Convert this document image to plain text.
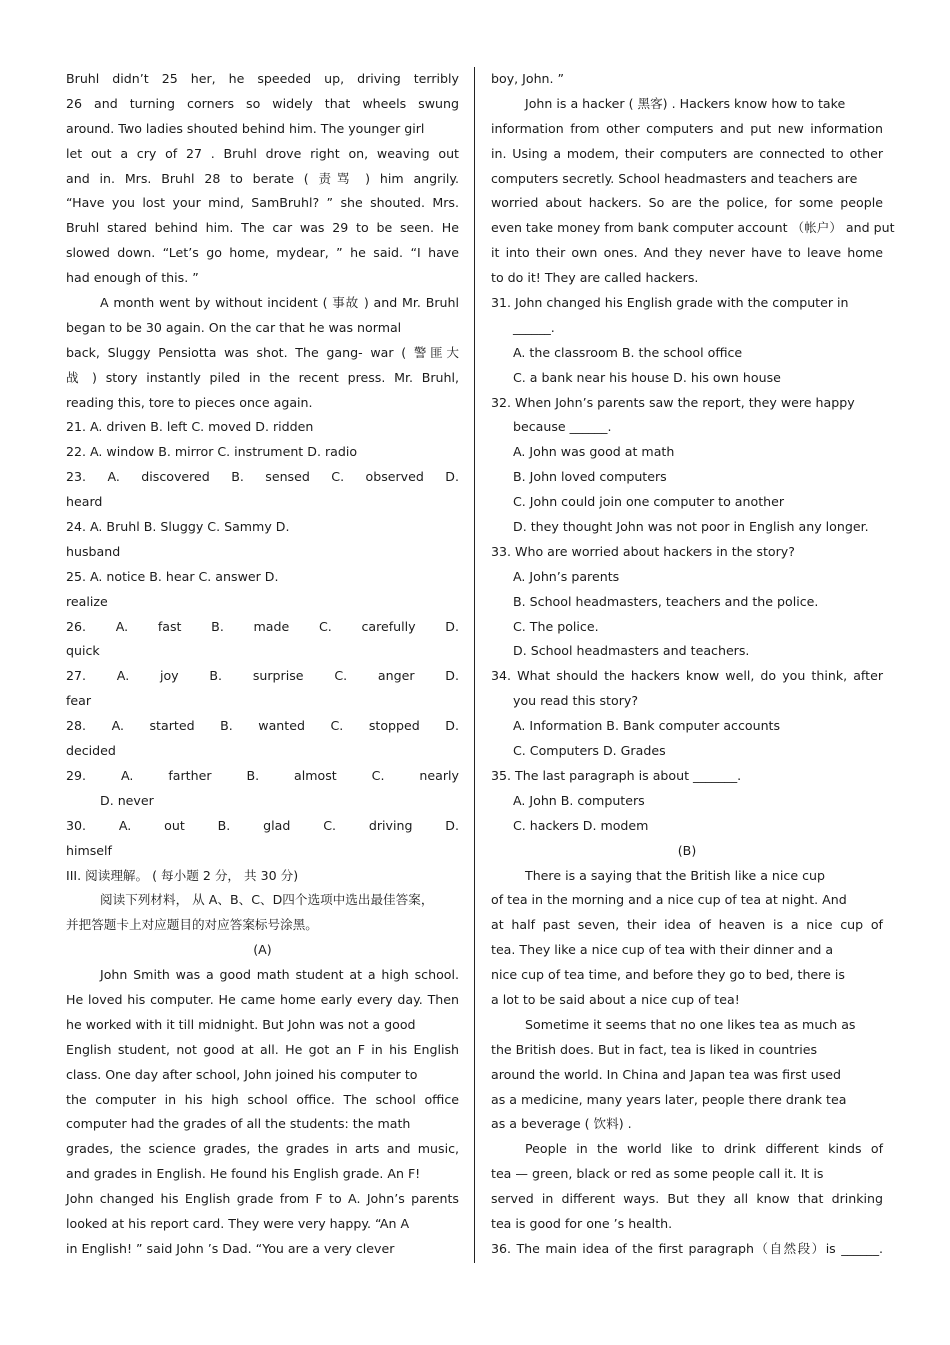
Bruhl didn’t 25 her, he speeded up, driving terribly
26 and turning corners so widely that wheels swung
around. Two ladies shouted behind him. The younger girl
let out a cry of 27 . Bruhl drove right on, weaving out
and in. Mrs. Bruhl 28 to berate ( 责骂 ) him angrily.
“Have you lost your mind, SamBruhl? ” she shouted. Mrs.
Bruhl stared behind him. The car was 29 to be seen. He
slowed down. “Let’s go home, mydear, ” he said. “I have
had enough of this. ”
A month went by without incident ( 事故 ) and Mr. Bruhl
began to be 30 again. On the car that he was normal
back, Sluggy Pensiotta was shot. The gang- war ( 警匪大
战 ) story instantly piled in the recent press. Mr. Bruhl,
reading this, tore to pieces once again.
21. A. driven B. left C. moved D. ridden
22. A. window B. mirror C. instrument D. radio
23. A. discovered B. sensed C. observed D.
heard
24. A. Bruhl B. Sluggy C. Sammy D.
husband
25. A. notice B. hear C. answer D.
realize
26. A. fast B. made C. carefully D.
quick
27. A. joy B. surprise C. anger D.
fear
28. A. started B. wanted C. stopped D.
decided
29. A. farther B. almost C. nearly
D. never
30. A. out B. glad C. driving D.
himself
III. 阅读理解。 ( 每小题 2 分， 共 30 分)
阅读下列材料， 从 A、B、C、D四个选项中选出最佳答案，
并把答题卡上对应题目的对应答案标号涂黑。
(A)
John Smith was a good math student at a high school.
He loved his computer. He came home early every day. Then
he worked with it till midnight. But John was not a good
English student, not good at all. He got an F in his English
class. One day after school, John joined his computer to
the computer in his high school office. The school office
computer had the grades of all the students: the math
grades, the science grades, the grades in arts and music,
and grades in English. He found his English grade. An F!
John changed his English grade from F to A. John’s parents
looked at his report card. They were very happy. “An A
in English! ” said John ’s Dad. “You are a very clever
boy, John. ”
John is a hacker ( 黑客) . Hackers know how to take
information from other computers and put new information
in. Using a modem, their computers are connected to other
computers secretly. School headmasters and teachers are
worried about hackers. So are the police, for some people
even take money from bank computer account （帐户） and put
it into their own ones. And they never have to leave home
to do it! They are called hackers.
31. John changed his English grade with the computer in
______.
A. the classroom B. the school office
C. a bank near his house D. his own house
32. When John’s parents saw the report, they were happy
because ______.
A. John was good at math
B. John loved computers
C. John could join one computer to another
D. they thought John was not poor in English any longer.
33. Who are worried about hackers in the story?
A. John’s parents
B. School headmasters, teachers and the police.
C. The police.
D. School headmasters and teachers.
34. What should the hackers know well, do you think, after
you read this story?
A. Information B. Bank computer accounts
C. Computers D. Grades
35. The last paragraph is about _______.
A. John B. computers
C. hackers D. modem
(B)
There is a saying that the British like a nice cup
of tea in the morning and a nice cup of tea at night. And
at half past seven, their idea of heaven is a nice cup of
tea. They like a nice cup of tea with their dinner and a
nice cup of tea time, and before they go to bed, there is
a lot to be said about a nice cup of tea!
Sometime it seems that no one likes tea as much as
the British does. But in fact, tea is liked in countries
around the world. In China and Japan tea was first used
as a medicine, many years later, people there drank tea
as a beverage ( 饮料) .
People in the world like to drink different kinds of
tea — green, black or red as some people call it. It is
served in different ways. But they all know that drinking
tea is good for one ’s health.
36. The main idea of the first paragraph（自然段）is ______.
